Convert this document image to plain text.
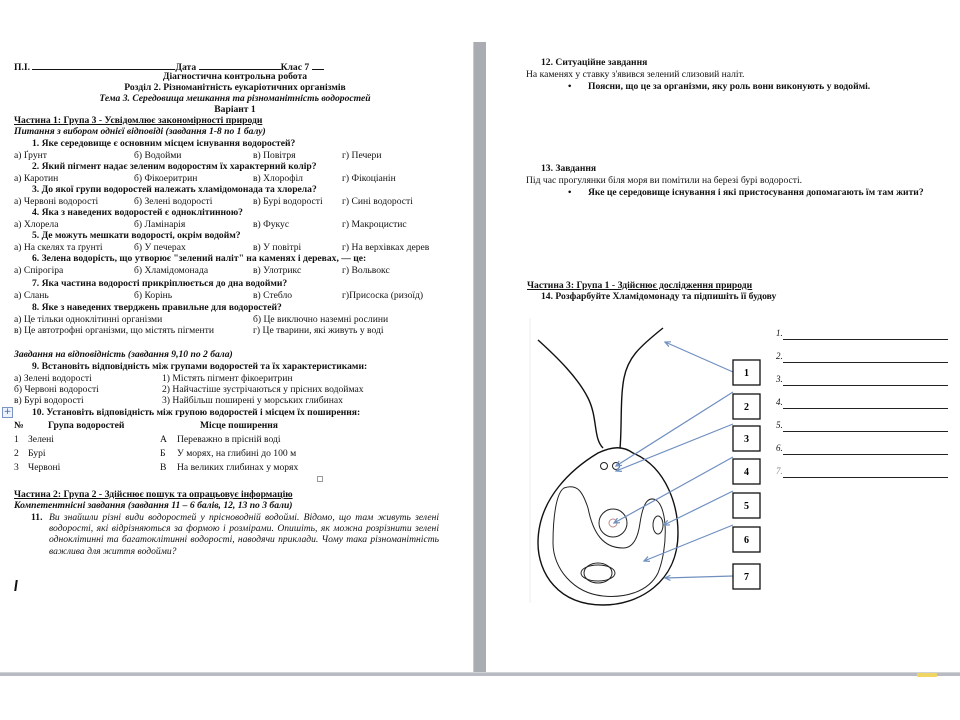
П.І.	Дата	Клас 7
Діагностична контрольна робота
Розділ 2. Різноманітність еукаріотичних організмів
Тема 3. Середовища мешкання та різноманітність водоростей
Варіант 1
Частина 1: Група 3 - Усвідомлює закономірності природи
Питання з вибором однієї відповіді (завдання 1-8 по 1 балу)
1. Яке середовище є основним місцем існування водоростей?
а) Ґрунт	б) Водойми	в) Повітря	г) Печери
2. Який пігмент надає зеленим водоростям їх характерний колір?
а) Каротин	б) Фікоеритрин	в) Хлорофіл	г) Фікоціанін
3. До якої групи водоростей належать хламідомонада та хлорела?
а) Червоні водорості	б) Зелені водорості	в) Бурі водорості г) Сині водорості
4. Яка з наведених водоростей є одноклітинною?
а) Хлорела	б) Ламінарія	в) Фукус	г) Макроцистис
5. Де можуть мешкати водорості, окрім водойм?
а) На скелях та ґрунті	б) У печерах	в) У повітрі	г) На верхівках дерев
6. Зелена водорість, що утворює "зелений наліт" на каменях і деревах, — це:
а) Спірогіра	б) Хламідомонада	в) Улотрикс	г) Вольвокс
7. Яка частина водорості прикріплюється до дна водойми?
а) Слань	б) Корінь	в) Стебло	г)Присоска (ризоїд)
8. Яке з наведених тверджень правильне для водоростей?
а) Це тільки одноклітинні організми	б) Це виключно наземні рослини
в) Це автотрофні організми, що містять пігменти	г) Це тварини, які живуть у воді
Завдання на відповідність (завдання 9,10 по 2 бала)
9. Встановіть відповідність між групами водоростей та їх характеристиками:
а) Зелені водорості
б) Червоні водорості
в) Бурі водорості
1) Містять пігмент фікоеритрин
2) Найчастіше зустрічаються у прісних водоймах
3) Найбільш поширені у морських глибинах
+ 10. Установіть відповідність між групою водоростей і місцем їх поширення:
№	Група водоростей	Місце поширення
1 Зелені	А Переважно в прісній воді
2 Бурі	Б У морях, на глибині до 100 м
3 Червоні	В На великих глибинах у морях
Частина 2: Група 2 - Здійснює пошук та опрацьовує інформацію
Компетентнісні завдання (завдання 11 – 6 балів, 12, 13 по 3 бали)
11. Ви знайшли різні види водоростей у прісноводній водоймі. Відомо, що там живуть зелені водорості, які відрізняються за формою і розмірами. Опишіть, як можна розрізнити зелені одноклітинні та багатоклітинні водорості, наводячи приклади. Чому така різноманітність важлива для життя водойми?
12. Ситуаційне завдання
На каменях у ставку з'явився зелений слизовий наліт.
• Поясни, що це за організми, яку роль вони виконують у водоймі.
13. Завдання
Під час прогулянки біля моря ви помітили на березі бурі водорості.
• Яке це середовище існування і які пристосування допомагають їм там жити?
Частина 3: Група 1 - Здійснює дослідження природи
14. Розфарбуйте Хламідомонаду та підпишіть її будову
1
2
3
4
5
6
7
1.
2.
3.
4.
5.
6.
7.
